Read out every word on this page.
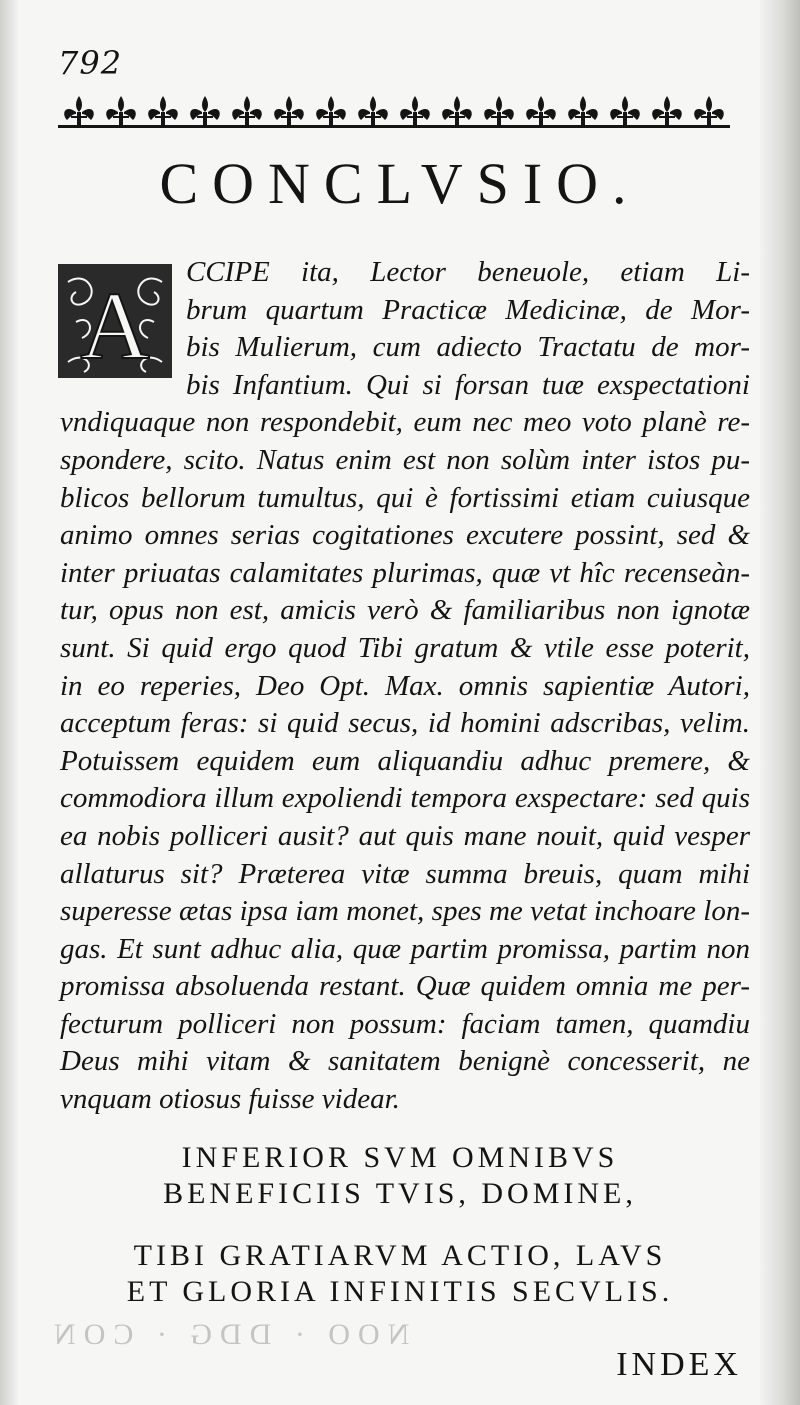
NOO · DDG · CON
792
CONCLVSIO.
A	CCIPE ita, Lector beneuole, etiam Li-
brum quartum Practicæ Medicinæ, de Mor-
bis Mulierum, cum adiecto Tractatu de mor-
bis Infantium. Qui si forsan tuæ exspectationi
vndiquaque non respondebit, eum nec meo voto planè re-
spondere, scito. Natus enim est non solùm inter istos pu-
blicos bellorum tumultus, qui è fortissimi etiam cuiusque
animo omnes serias cogitationes excutere possint, sed &
inter priuatas calamitates plurimas, quæ vt hîc recenseàn-
tur, opus non est, amicis verò & familiaribus non ignotæ
sunt. Si quid ergo quod Tibi gratum & vtile esse poterit,
in eo reperies, Deo Opt. Max. omnis sapientiæ Autori,
acceptum feras: si quid secus, id homini adscribas, velim.
Potuissem equidem eum aliquandiu adhuc premere, &
commodiora illum expoliendi tempora exspectare: sed quis
ea nobis polliceri ausit? aut quis mane nouit, quid vesper
allaturus sit? Præterea vitæ summa breuis, quam mihi
superesse ætas ipsa iam monet, spes me vetat inchoare lon-
gas. Et sunt adhuc alia, quæ partim promissa, partim non
promissa absoluenda restant. Quæ quidem omnia me per-
fecturum polliceri non possum: faciam tamen, quamdiu
Deus mihi vitam & sanitatem benignè concesserit, ne
vnquam otiosus fuisse videar.
INFERIOR SVM OMNIBVS
BENEFICIIS TVIS, DOMINE,
TIBI GRATIARVM ACTIO, LAVS
ET GLORIA INFINITIS SECVLIS.
INDEX
